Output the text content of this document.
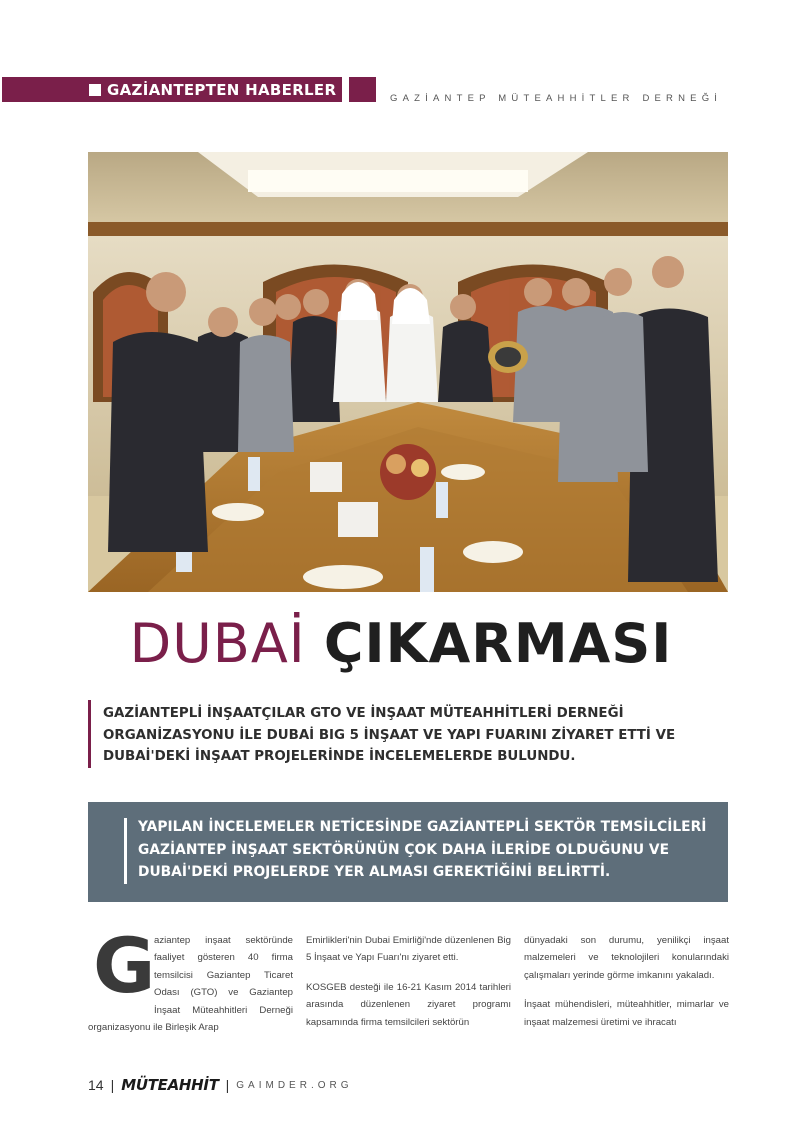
GAZİANTEPTEN HABERLER	GAZİANTEP MÜTEAHHİTLER DERNEĞİ
DUBAİ ÇIKARMASI
GAZİANTEPLİ İNŞAATÇILAR GTO VE İNŞAAT MÜTEAHHİTLERİ DERNEĞİ ORGANİZASYONU İLE DUBAİ BIG 5 İNŞAAT VE YAPI FUARINI ZİYARET ETTİ VE DUBAİ'DEKİ İNŞAAT PROJELERİNDE İNCELEMELERDE BULUNDU.
YAPILAN İNCELEMELER NETİCESİNDE GAZİANTEPLİ SEKTÖR TEMSİLCİLERİ GAZİANTEP İNŞAAT SEKTÖRÜNÜN ÇOK DAHA İLERİDE OLDUĞUNU VE DUBAİ'DEKİ PROJELERDE YER ALMASI GEREKTİĞİNİ BELİRTTİ.
G

aziantep inşaat sektöründe faaliyet gösteren 40 firma temsilcisi Gaziantep Ticaret Odası (GTO) ve Gaziantep İnşaat Müteahhitleri Derneği organizasyonu ile Birleşik Arap

Emirlikleri'nin Dubai Emirliği'nde düzenlenen Big 5 İnşaat ve Yapı Fuarı'nı ziyaret etti.

KOSGEB desteği ile 16-21 Kasım 2014 tarihleri arasında düzenlenen ziyaret programı kapsamında firma temsilcileri sektörün

dünyadaki son durumu, yenilikçi inşaat malzemeleri ve teknolojileri konularındaki çalışmaları yerinde görme imkanını yakaladı.

İnşaat mühendisleri, müteahhitler, mimarlar ve inşaat malzemesi üretimi ve ihracatı

14 | MÜTEAHHİT | GAIMDER.ORG
